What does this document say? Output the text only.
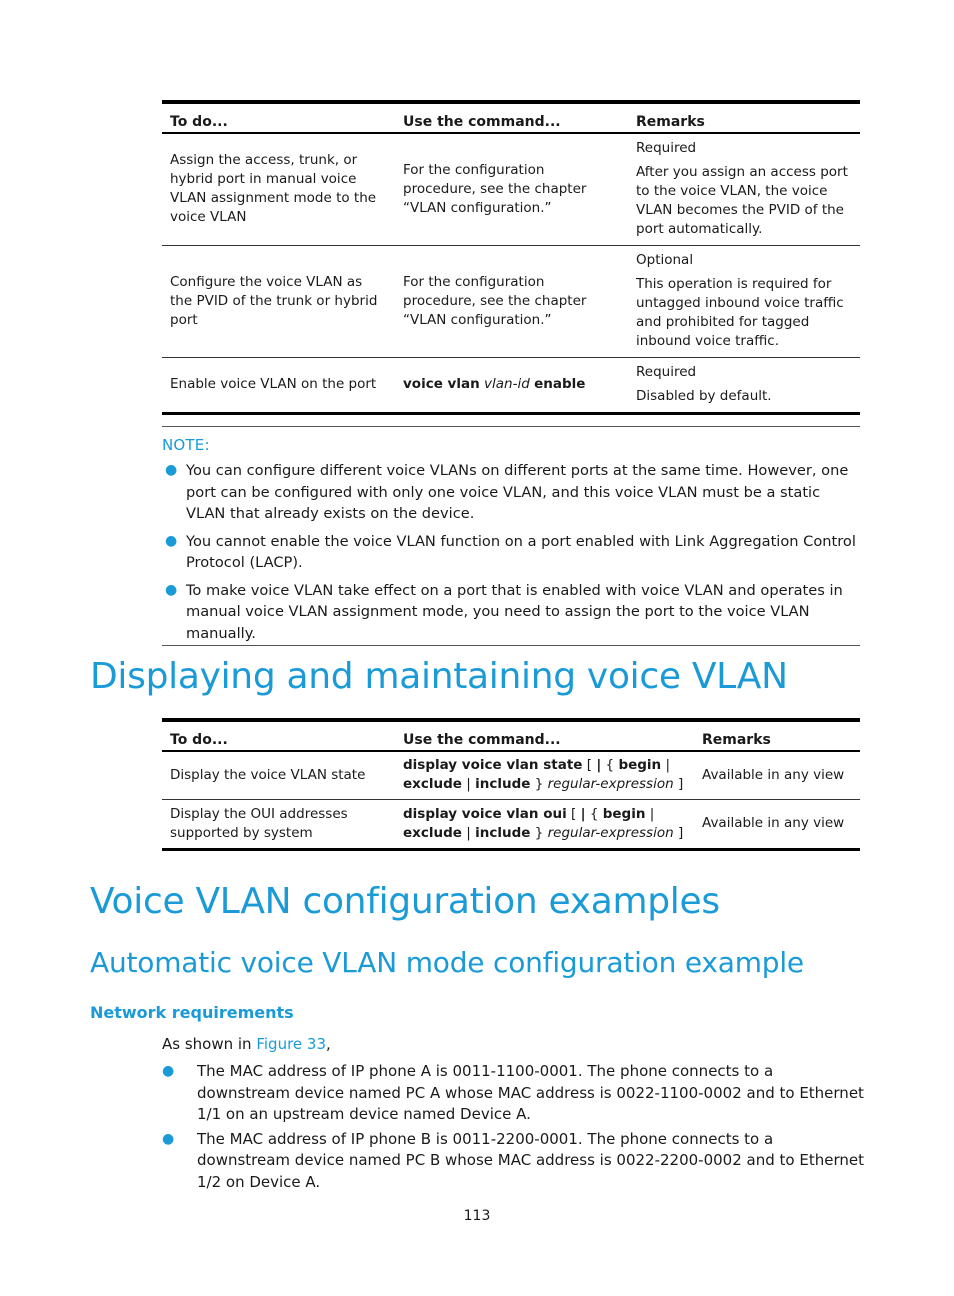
To do...	Use the command...	Remarks
Assign the access, trunk, or hybrid port in manual voice VLAN assignment mode to the voice VLAN	For the configuration procedure, see the chapter “VLAN configuration.”	Required

After you assign an access port to the voice VLAN, the voice VLAN becomes the PVID of the port automatically.

Configure the voice VLAN as the PVID of the trunk or hybrid port	For the configuration procedure, see the chapter “VLAN configuration.”	Optional

This operation is required for untagged inbound voice traffic and prohibited for tagged inbound voice traffic.

Enable voice VLAN on the port	voice vlan vlan-id enable	Required

Disabled by default.

NOTE:
● You can configure different voice VLANs on different ports at the same time. However, one port can be configured with only one voice VLAN, and this voice VLAN must be a static VLAN that already exists on the device.
● You cannot enable the voice VLAN function on a port enabled with Link Aggregation Control Protocol (LACP).
● To make voice VLAN take effect on a port that is enabled with voice VLAN and operates in manual voice VLAN assignment mode, you need to assign the port to the voice VLAN manually.
Displaying and maintaining voice VLAN
To do...	Use the command...	Remarks
Display the voice VLAN state	display voice vlan state [ | { begin | exclude | include } regular-expression ]	Available in any view
Display the OUI addresses supported by system	display voice vlan oui [ | { begin | exclude | include } regular-expression ]	Available in any view
Voice VLAN configuration examples
Automatic voice VLAN mode configuration example
Network requirements
As shown in Figure 33,
● The MAC address of IP phone A is 0011-1100-0001. The phone connects to a downstream device named PC A whose MAC address is 0022-1100-0002 and to Ethernet 1/1 on an upstream device named Device A.
● The MAC address of IP phone B is 0011-2200-0001. The phone connects to a downstream device named PC B whose MAC address is 0022-2200-0002 and to Ethernet 1/2 on Device A.
113
